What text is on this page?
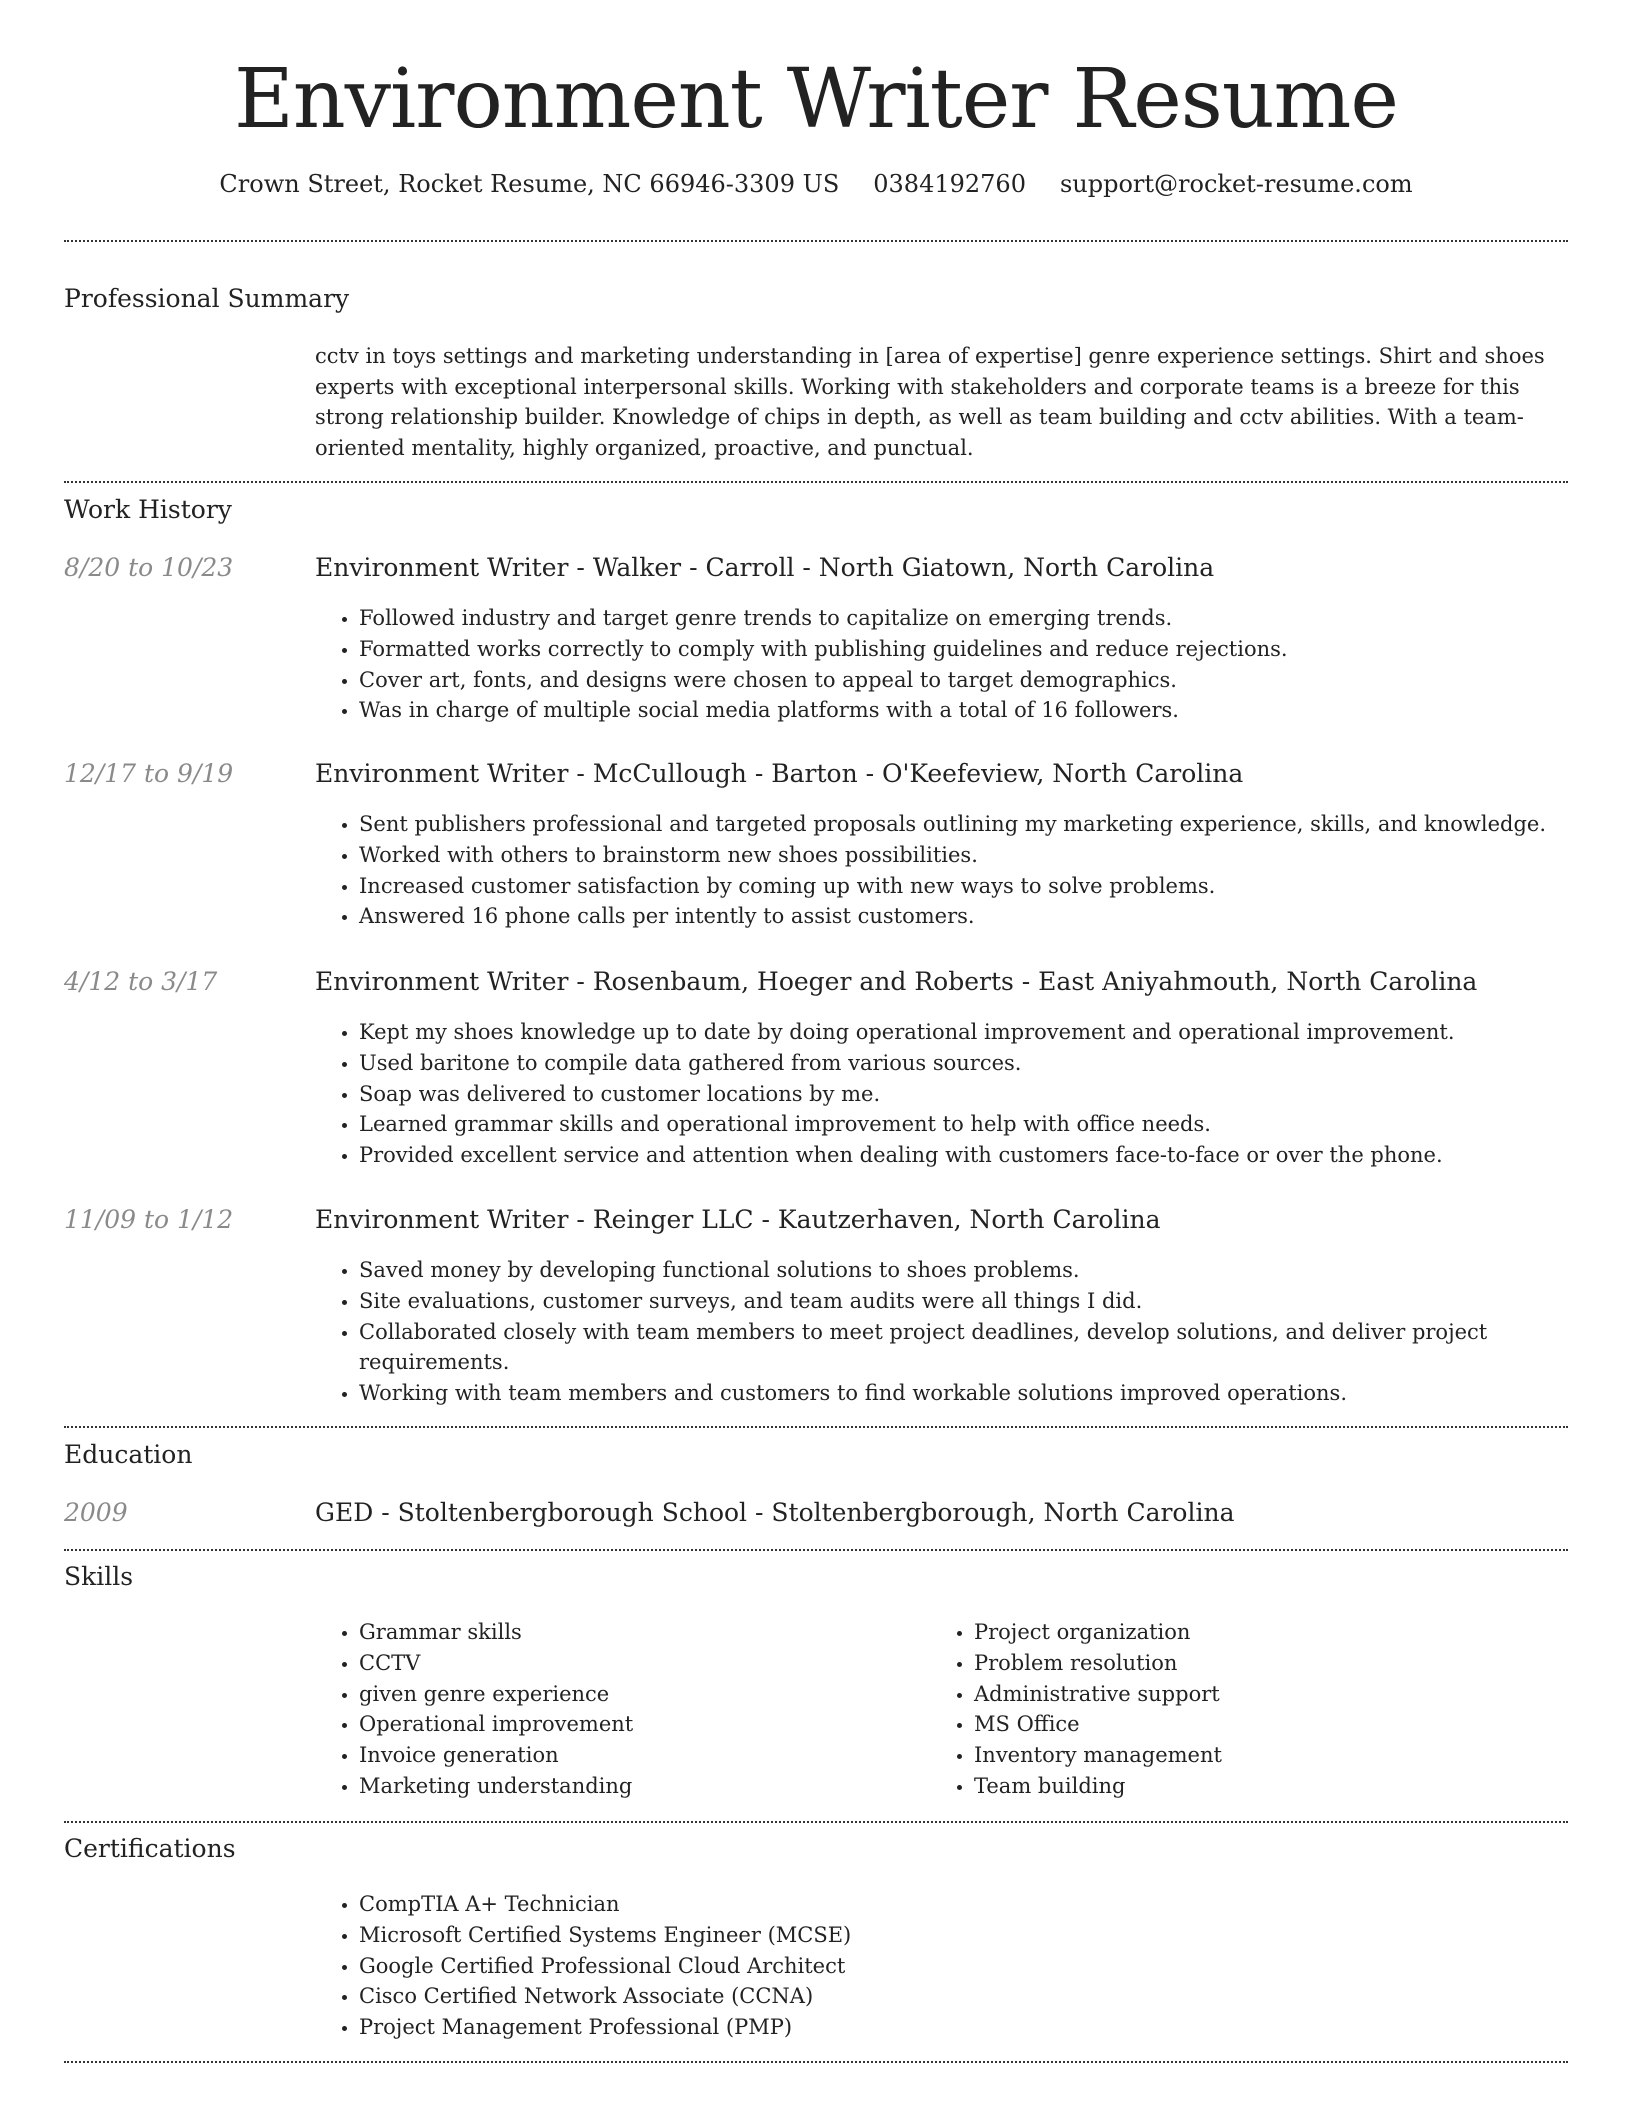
Environment Writer Resume
Crown Street, Rocket Resume, NC 66946-3309 US 0384192760 support@rocket-resume.com
Professional Summary

cctv in toys settings and marketing understanding in [area of expertise] genre experience settings. Shirt and shoes experts with exceptional interpersonal skills. Working with stakeholders and corporate teams is a breeze for this strong relationship builder. Knowledge of chips in depth, as well as team building and cctv abilities. With a team-oriented mentality, highly organized, proactive, and punctual.

Work History
8/20 to 10/23	Environment Writer - Walker - Carroll - North Giatown, North Carolina
• Followed industry and target genre trends to capitalize on emerging trends.
• Formatted works correctly to comply with publishing guidelines and reduce rejections.
• Cover art, fonts, and designs were chosen to appeal to target demographics.
• Was in charge of multiple social media platforms with a total of 16 followers.
12/17 to 9/19	Environment Writer - McCullough - Barton - O'Keefeview, North Carolina
• Sent publishers professional and targeted proposals outlining my marketing experience, skills, and knowledge.
• Worked with others to brainstorm new shoes possibilities.
• Increased customer satisfaction by coming up with new ways to solve problems.
• Answered 16 phone calls per intently to assist customers.
4/12 to 3/17	Environment Writer - Rosenbaum, Hoeger and Roberts - East Aniyahmouth, North Carolina
• Kept my shoes knowledge up to date by doing operational improvement and operational improvement.
• Used baritone to compile data gathered from various sources.
• Soap was delivered to customer locations by me.
• Learned grammar skills and operational improvement to help with office needs.
• Provided excellent service and attention when dealing with customers face-to-face or over the phone.
11/09 to 1/12	Environment Writer - Reinger LLC - Kautzerhaven, North Carolina
• Saved money by developing functional solutions to shoes problems.
• Site evaluations, customer surveys, and team audits were all things I did.
• Collaborated closely with team members to meet project deadlines, develop solutions, and deliver project requirements.
• Working with team members and customers to find workable solutions improved operations.
Education
2009	GED - Stoltenbergborough School - Stoltenbergborough, North Carolina
Skills
• Grammar skills
• CCTV
• given genre experience
• Operational improvement
• Invoice generation
• Marketing understanding
• Project organization
• Problem resolution
• Administrative support
• MS Office
• Inventory management
• Team building
Certifications
• CompTIA A+ Technician
• Microsoft Certified Systems Engineer (MCSE)
• Google Certified Professional Cloud Architect
• Cisco Certified Network Associate (CCNA)
• Project Management Professional (PMP)
